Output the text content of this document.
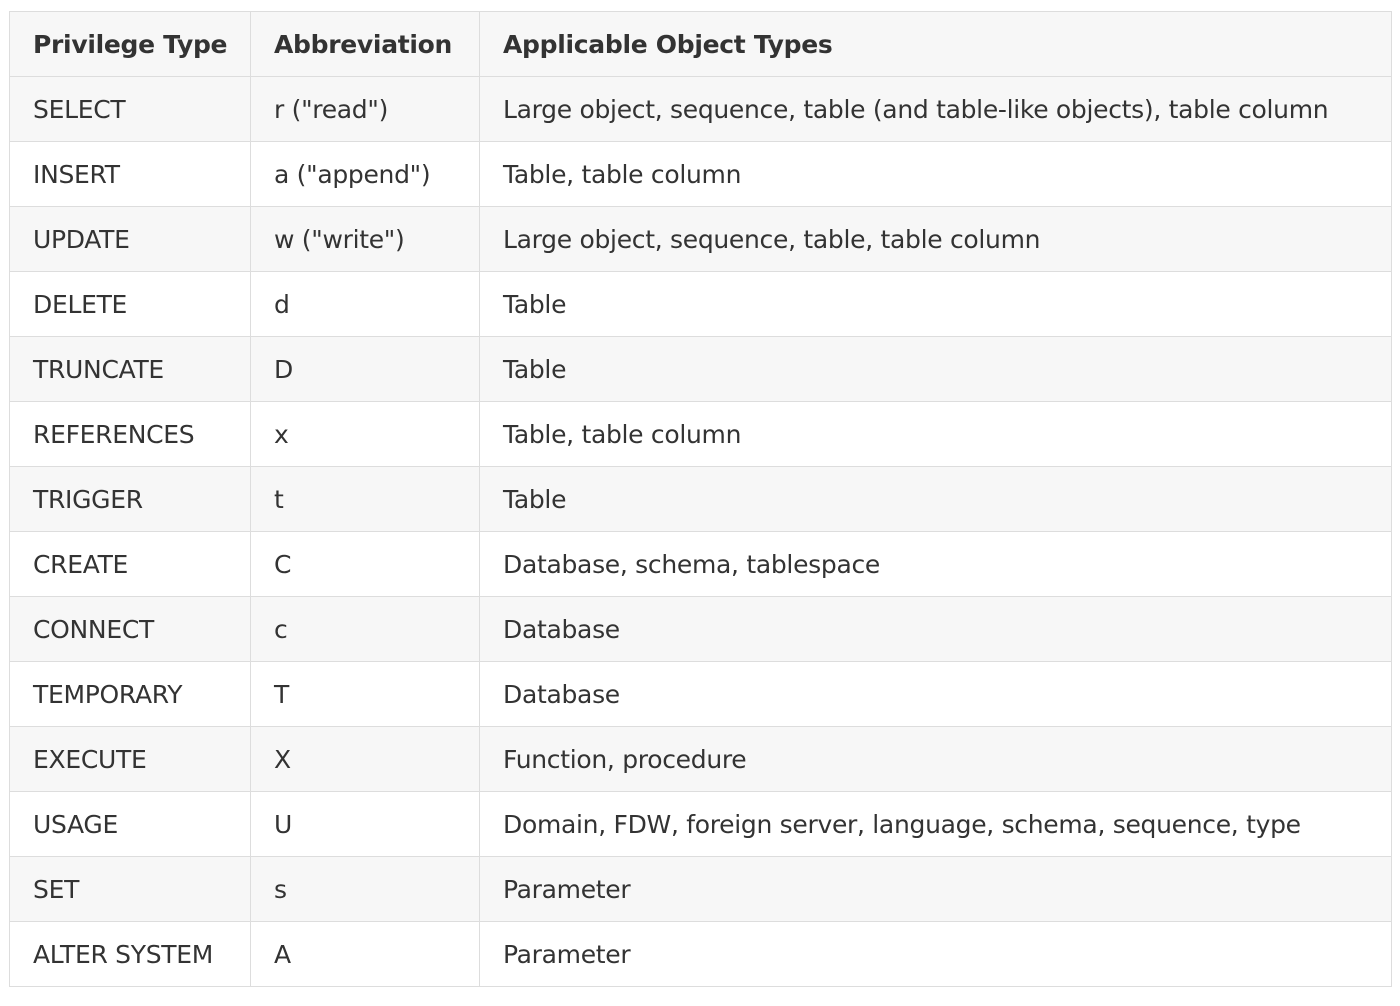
Privilege Type	Abbreviation	Applicable Object Types
SELECT	r ("read")	Large object, sequence, table (and table-like objects), table column
INSERT	a ("append")	Table, table column
UPDATE	w ("write")	Large object, sequence, table, table column
DELETE	d	Table
TRUNCATE	D	Table
REFERENCES	x	Table, table column
TRIGGER	t	Table
CREATE	C	Database, schema, tablespace
CONNECT	c	Database
TEMPORARY	T	Database
EXECUTE	X	Function, procedure
USAGE	U	Domain, FDW, foreign server, language, schema, sequence, type
SET	s	Parameter
ALTER SYSTEM	A	Parameter
